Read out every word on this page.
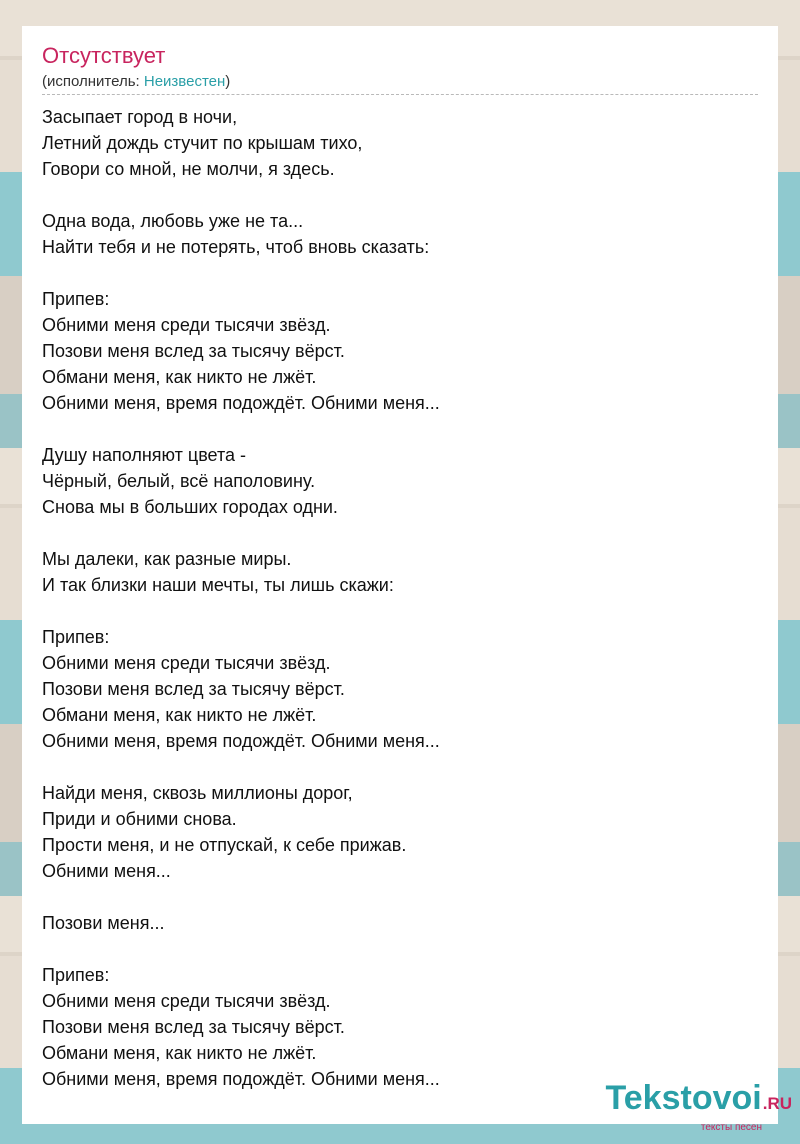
Отсутствует
(исполнитель: Неизвестен)
Засыпает город в ночи,
Летний дождь стучит по крышам тихо,
Говори со мной, не молчи, я здесь.
Одна вода, любовь уже не та...
Найти тебя и не потерять, чтоб вновь сказать:
Припев:
Обними меня среди тысячи звёзд.
Позови меня вслед за тысячу вёрст.
Обмани меня, как никто не лжёт.
Обними меня, время подождёт. Обними меня...
Душу наполняют цвета -
Чёрный, белый, всё наполовину.
Снова мы в больших городах одни.
Мы далеки, как разные миры.
И так близки наши мечты, ты лишь скажи:
Припев:
Обними меня среди тысячи звёзд.
Позови меня вслед за тысячу вёрст.
Обмани меня, как никто не лжёт.
Обними меня, время подождёт. Обними меня...
Найди меня, сквозь миллионы дорог,
Приди и обними снова.
Прости меня, и не отпускай, к себе прижав.
Обними меня...
Позови меня...
Припев:
Обними меня среди тысячи звёзд.
Позови меня вслед за тысячу вёрст.
Обмани меня, как никто не лжёт.
Обними меня, время подождёт. Обними меня...	Tekstovoi.RU
тексты песен
